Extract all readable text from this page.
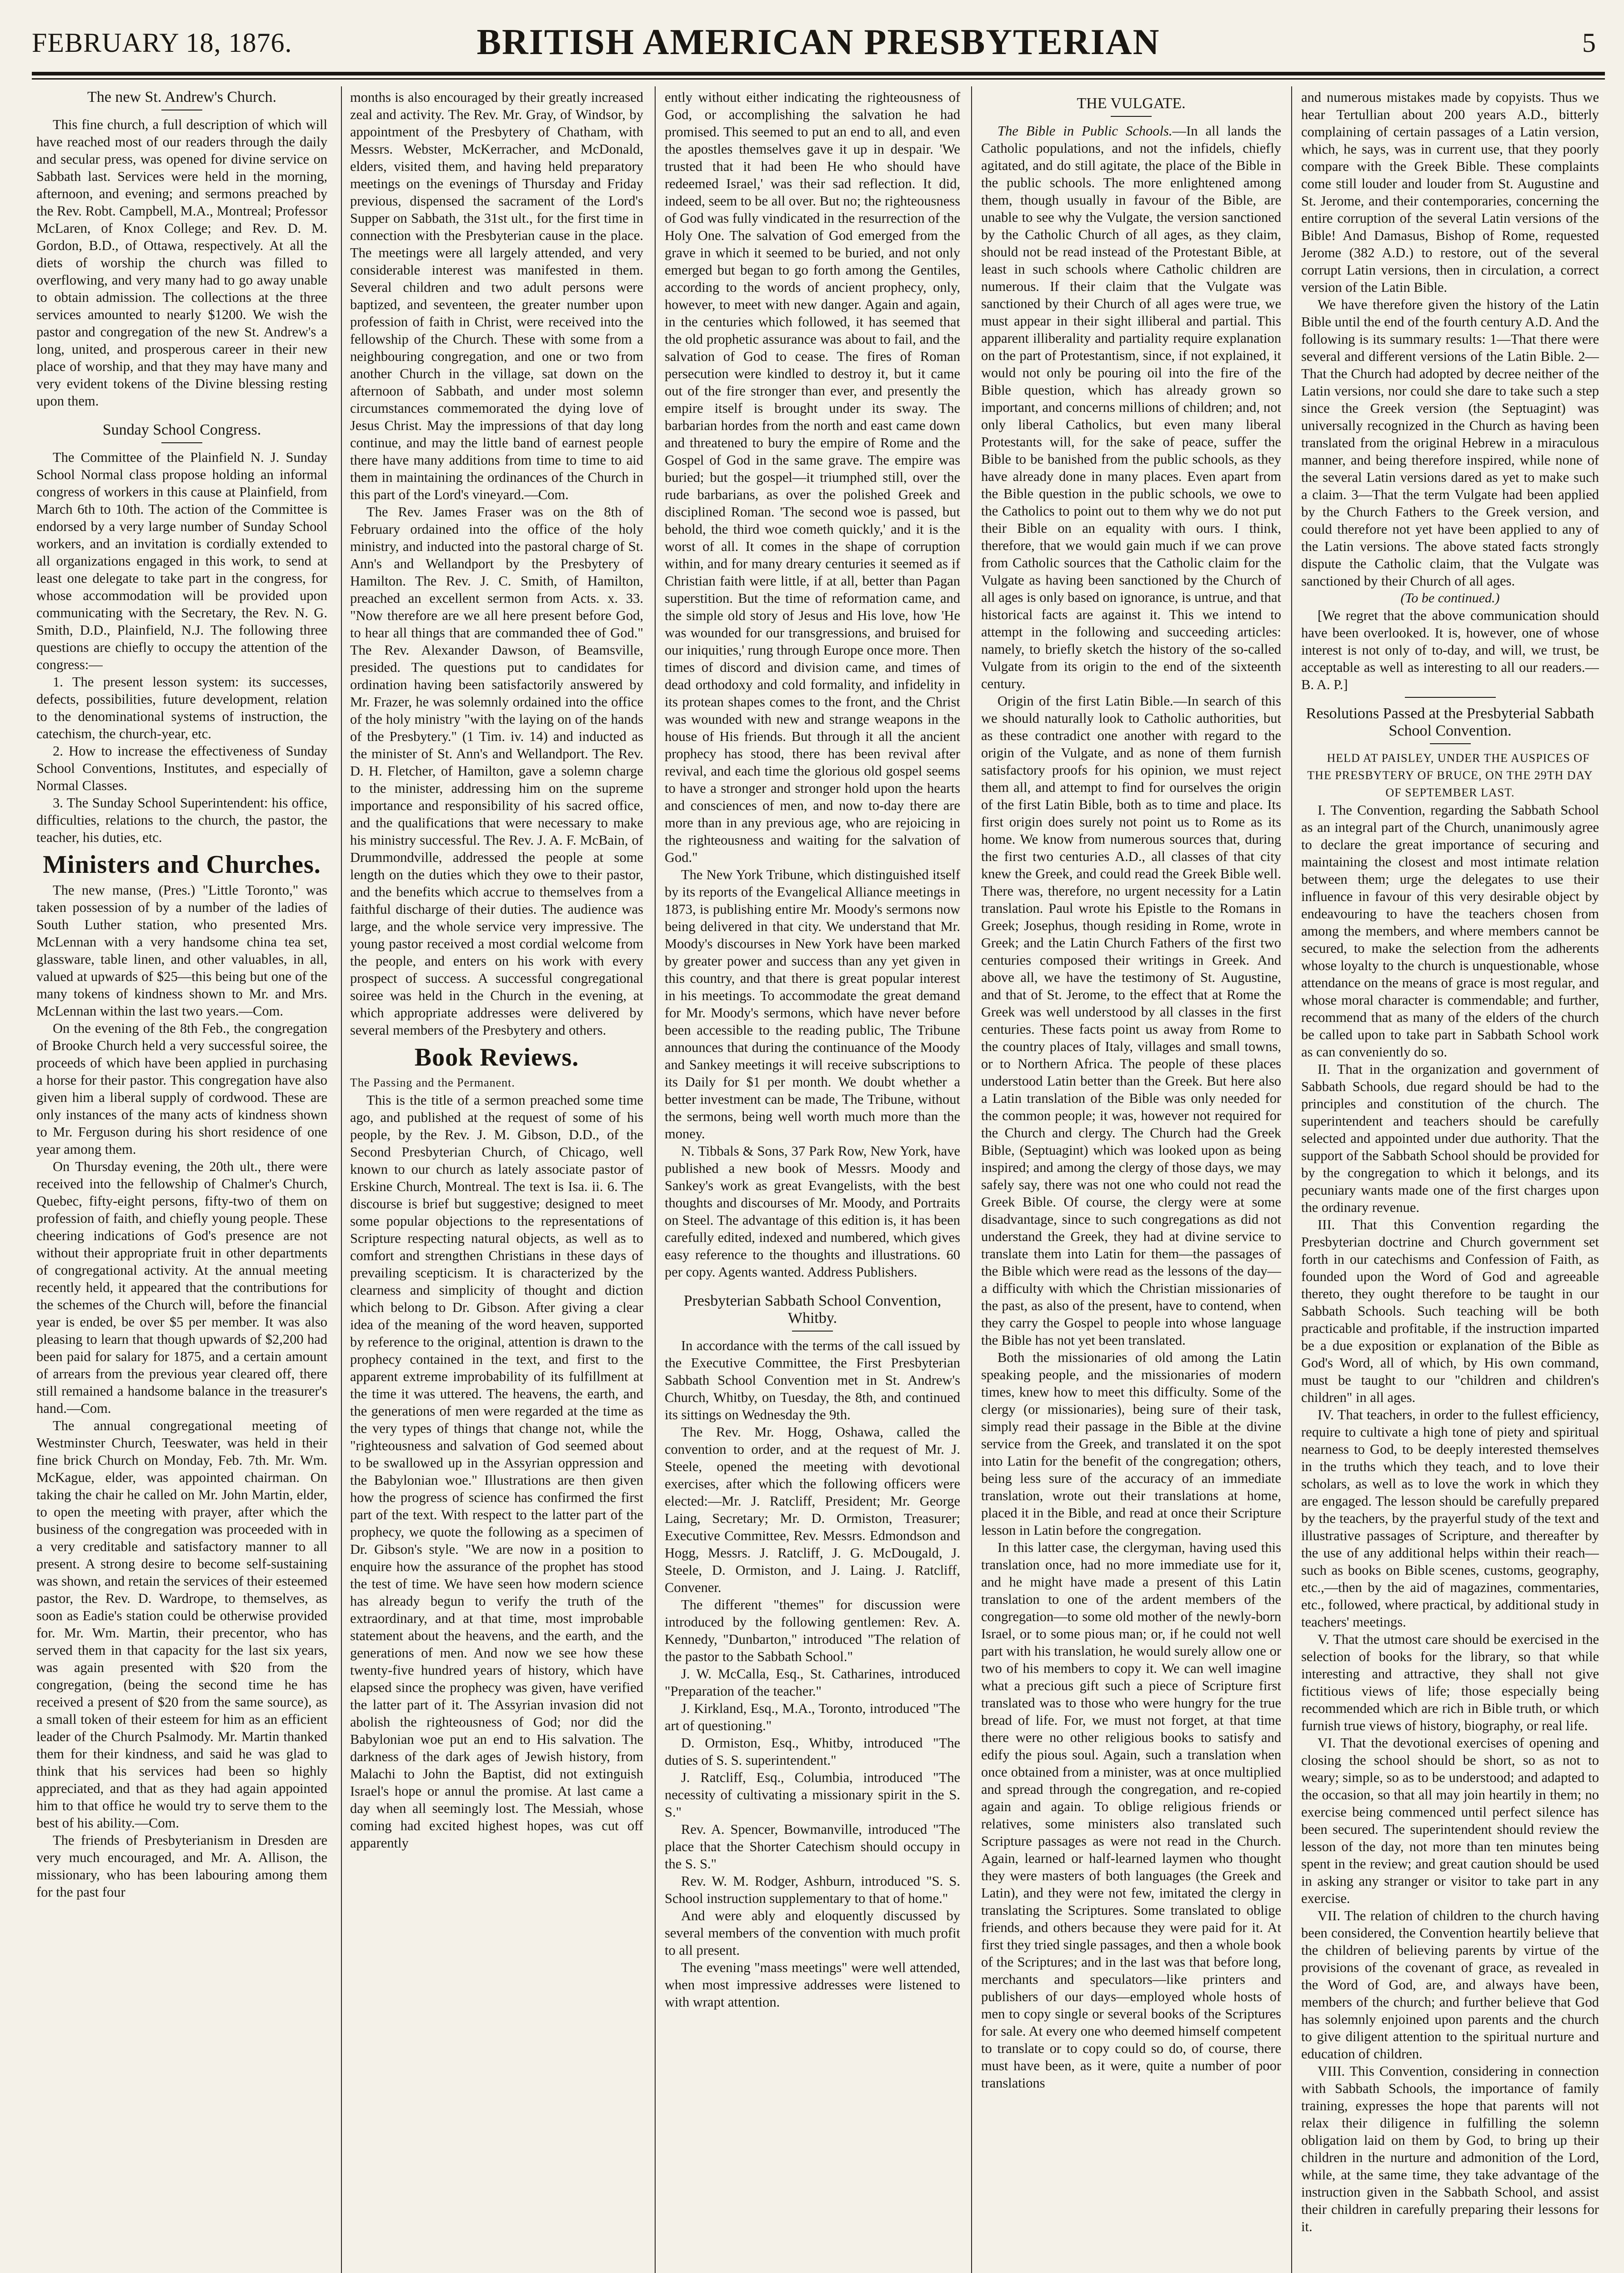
FEBRUARY 18, 1876.	BRITISH AMERICAN PRESBYTERIAN	5

The new St. Andrew's Church.

This fine church, a full description of which will have reached most of our readers through the daily and secular press, was opened for divine service on Sabbath last. Services were held in the morning, afternoon, and evening; and sermons preached by the Rev. Robt. Campbell, M.A., Montreal; Professor McLaren, of Knox College; and Rev. D. M. Gordon, B.D., of Ottawa, respectively. At all the diets of worship the church was filled to overflowing, and very many had to go away unable to obtain admission. The collections at the three services amounted to nearly $1200. We wish the pastor and congregation of the new St. Andrew's a long, united, and prosperous career in their new place of worship, and that they may have many and very evident tokens of the Divine blessing resting upon them.

Sunday School Congress.

The Committee of the Plainfield N. J. Sunday School Normal class propose holding an informal congress of workers in this cause at Plainfield, from March 6th to 10th. The action of the Committee is endorsed by a very large number of Sunday School workers, and an invitation is cordially extended to all organizations engaged in this work, to send at least one delegate to take part in the congress, for whose accommodation will be provided upon communicating with the Secretary, the Rev. N. G. Smith, D.D., Plainfield, N.J. The following three questions are chiefly to occupy the attention of the congress:—

1. The present lesson system: its successes, defects, possibilities, future development, relation to the denominational systems of instruction, the catechism, the church-year, etc.

2. How to increase the effectiveness of Sunday School Conventions, Institutes, and especially of Normal Classes.

3. The Sunday School Superintendent: his office, difficulties, relations to the church, the pastor, the teacher, his duties, etc.

Ministers and Churches.

The new manse, (Pres.) "Little Toronto," was taken possession of by a number of the ladies of South Luther station, who presented Mrs. McLennan with a very handsome china tea set, glassware, table linen, and other valuables, in all, valued at upwards of $25—this being but one of the many tokens of kindness shown to Mr. and Mrs. McLennan within the last two years.—Com.

On the evening of the 8th Feb., the congregation of Brooke Church held a very successful soiree, the proceeds of which have been applied in purchasing a horse for their pastor. This congregation have also given him a liberal supply of cordwood. These are only instances of the many acts of kindness shown to Mr. Ferguson during his short residence of one year among them.

On Thursday evening, the 20th ult., there were received into the fellowship of Chalmer's Church, Quebec, fifty-eight persons, fifty-two of them on profession of faith, and chiefly young people. These cheering indications of God's presence are not without their appropriate fruit in other departments of congregational activity. At the annual meeting recently held, it appeared that the contributions for the schemes of the Church will, before the financial year is ended, be over $5 per member. It was also pleasing to learn that though upwards of $2,200 had been paid for salary for 1875, and a certain amount of arrears from the previous year cleared off, there still remained a handsome balance in the treasurer's hand.—Com.

The annual congregational meeting of Westminster Church, Teeswater, was held in their fine brick Church on Monday, Feb. 7th. Mr. Wm. McKague, elder, was appointed chairman. On taking the chair he called on Mr. John Martin, elder, to open the meeting with prayer, after which the business of the congregation was proceeded with in a very creditable and satisfactory manner to all present. A strong desire to become self-sustaining was shown, and retain the services of their esteemed pastor, the Rev. D. Wardrope, to themselves, as soon as Eadie's station could be otherwise provided for. Mr. Wm. Martin, their precentor, who has served them in that capacity for the last six years, was again presented with $20 from the congregation, (being the second time he has received a present of $20 from the same source), as a small token of their esteem for him as an efficient leader of the Church Psalmody. Mr. Martin thanked them for their kindness, and said he was glad to think that his services had been so highly appreciated, and that as they had again appointed him to that office he would try to serve them to the best of his ability.—Com.

The friends of Presbyterianism in Dresden are very much encouraged, and Mr. A. Allison, the missionary, who has been labouring among them for the past four

months is also encouraged by their greatly increased zeal and activity. The Rev. Mr. Gray, of Windsor, by appointment of the Presbytery of Chatham, with Messrs. Webster, McKerracher, and McDonald, elders, visited them, and having held preparatory meetings on the evenings of Thursday and Friday previous, dispensed the sacrament of the Lord's Supper on Sabbath, the 31st ult., for the first time in connection with the Presbyterian cause in the place. The meetings were all largely attended, and very considerable interest was manifested in them. Several children and two adult persons were baptized, and seventeen, the greater number upon profession of faith in Christ, were received into the fellowship of the Church. These with some from a neighbouring congregation, and one or two from another Church in the village, sat down on the afternoon of Sabbath, and under most solemn circumstances commemorated the dying love of Jesus Christ. May the impressions of that day long continue, and may the little band of earnest people there have many additions from time to time to aid them in maintaining the ordinances of the Church in this part of the Lord's vineyard.—Com.

The Rev. James Fraser was on the 8th of February ordained into the office of the holy ministry, and inducted into the pastoral charge of St. Ann's and Wellandport by the Presbytery of Hamilton. The Rev. J. C. Smith, of Hamilton, preached an excellent sermon from Acts. x. 33. "Now therefore are we all here present before God, to hear all things that are commanded thee of God." The Rev. Alexander Dawson, of Beamsville, presided. The questions put to candidates for ordination having been satisfactorily answered by Mr. Frazer, he was solemnly ordained into the office of the holy ministry "with the laying on of the hands of the Presbytery." (1 Tim. iv. 14) and inducted as the minister of St. Ann's and Wellandport. The Rev. D. H. Fletcher, of Hamilton, gave a solemn charge to the minister, addressing him on the supreme importance and responsibility of his sacred office, and the qualifications that were necessary to make his ministry successful. The Rev. J. A. F. McBain, of Drummondville, addressed the people at some length on the duties which they owe to their pastor, and the benefits which accrue to themselves from a faithful discharge of their duties. The audience was large, and the whole service very impressive. The young pastor received a most cordial welcome from the people, and enters on his work with every prospect of success. A successful congregational soiree was held in the Church in the evening, at which appropriate addresses were delivered by several members of the Presbytery and others.

Book Reviews.

The Passing and the Permanent.

This is the title of a sermon preached some time ago, and published at the request of some of his people, by the Rev. J. M. Gibson, D.D., of the Second Presbyterian Church, of Chicago, well known to our church as lately associate pastor of Erskine Church, Montreal. The text is Isa. ii. 6. The discourse is brief but suggestive; designed to meet some popular objections to the representations of Scripture respecting natural objects, as well as to comfort and strengthen Christians in these days of prevailing scepticism. It is characterized by the clearness and simplicity of thought and diction which belong to Dr. Gibson. After giving a clear idea of the meaning of the word heaven, supported by reference to the original, attention is drawn to the prophecy contained in the text, and first to the apparent extreme improbability of its fulfillment at the time it was uttered. The heavens, the earth, and the generations of men were regarded at the time as the very types of things that change not, while the "righteousness and salvation of God seemed about to be swallowed up in the Assyrian oppression and the Babylonian woe." Illustrations are then given how the progress of science has confirmed the first part of the text. With respect to the latter part of the prophecy, we quote the following as a specimen of Dr. Gibson's style. "We are now in a position to enquire how the assurance of the prophet has stood the test of time. We have seen how modern science has already begun to verify the truth of the extraordinary, and at that time, most improbable statement about the heavens, and the earth, and the generations of men. And now we see how these twenty-five hundred years of history, which have elapsed since the prophecy was given, have verified the latter part of it. The Assyrian invasion did not abolish the righteousness of God; nor did the Babylonian woe put an end to His salvation. The darkness of the dark ages of Jewish history, from Malachi to John the Baptist, did not extinguish Israel's hope or annul the promise. At last came a day when all seemingly lost. The Messiah, whose coming had excited highest hopes, was cut off apparently

ently without either indicating the righteousness of God, or accomplishing the salvation he had promised. This seemed to put an end to all, and even the apostles themselves gave it up in despair. 'We trusted that it had been He who should have redeemed Israel,' was their sad reflection. It did, indeed, seem to be all over. But no; the righteousness of God was fully vindicated in the resurrection of the Holy One. The salvation of God emerged from the grave in which it seemed to be buried, and not only emerged but began to go forth among the Gentiles, according to the words of ancient prophecy, only, however, to meet with new danger. Again and again, in the centuries which followed, it has seemed that the old prophetic assurance was about to fail, and the salvation of God to cease. The fires of Roman persecution were kindled to destroy it, but it came out of the fire stronger than ever, and presently the empire itself is brought under its sway. The barbarian hordes from the north and east came down and threatened to bury the empire of Rome and the Gospel of God in the same grave. The empire was buried; but the gospel—it triumphed still, over the rude barbarians, as over the polished Greek and disciplined Roman. 'The second woe is passed, but behold, the third woe cometh quickly,' and it is the worst of all. It comes in the shape of corruption within, and for many dreary centuries it seemed as if Christian faith were little, if at all, better than Pagan superstition. But the time of reformation came, and the simple old story of Jesus and His love, how 'He was wounded for our transgressions, and bruised for our iniquities,' rung through Europe once more. Then times of discord and division came, and times of dead orthodoxy and cold formality, and infidelity in its protean shapes comes to the front, and the Christ was wounded with new and strange weapons in the house of His friends. But through it all the ancient prophecy has stood, there has been revival after revival, and each time the glorious old gospel seems to have a stronger and stronger hold upon the hearts and consciences of men, and now to-day there are more than in any previous age, who are rejoicing in the righteousness and waiting for the salvation of God."

The New York Tribune, which distinguished itself by its reports of the Evangelical Alliance meetings in 1873, is publishing entire Mr. Moody's sermons now being delivered in that city. We understand that Mr. Moody's discourses in New York have been marked by greater power and success than any yet given in this country, and that there is great popular interest in his meetings. To accommodate the great demand for Mr. Moody's sermons, which have never before been accessible to the reading public, The Tribune announces that during the continuance of the Moody and Sankey meetings it will receive subscriptions to its Daily for $1 per month. We doubt whether a better investment can be made, The Tribune, without the sermons, being well worth much more than the money.

N. Tibbals & Sons, 37 Park Row, New York, have published a new book of Messrs. Moody and Sankey's work as great Evangelists, with the best thoughts and discourses of Mr. Moody, and Portraits on Steel. The advantage of this edition is, it has been carefully edited, indexed and numbered, which gives easy reference to the thoughts and illustrations. 60 per copy. Agents wanted. Address Publishers.

Presbyterian Sabbath School Convention, Whitby.

In accordance with the terms of the call issued by the Executive Committee, the First Presbyterian Sabbath School Convention met in St. Andrew's Church, Whitby, on Tuesday, the 8th, and continued its sittings on Wednesday the 9th.

The Rev. Mr. Hogg, Oshawa, called the convention to order, and at the request of Mr. J. Steele, opened the meeting with devotional exercises, after which the following officers were elected:—Mr. J. Ratcliff, President; Mr. George Laing, Secretary; Mr. D. Ormiston, Treasurer; Executive Committee, Rev. Messrs. Edmondson and Hogg, Messrs. J. Ratcliff, J. G. McDougald, J. Steele, D. Ormiston, and J. Laing. J. Ratcliff, Convener.

The different "themes" for discussion were introduced by the following gentlemen: Rev. A. Kennedy, "Dunbarton," introduced "The relation of the pastor to the Sabbath School."

J. W. McCalla, Esq., St. Catharines, introduced "Preparation of the teacher."

J. Kirkland, Esq., M.A., Toronto, introduced "The art of questioning."

D. Ormiston, Esq., Whitby, introduced "The duties of S. S. superintendent."

J. Ratcliff, Esq., Columbia, introduced "The necessity of cultivating a missionary spirit in the S. S."

Rev. A. Spencer, Bowmanville, introduced "The place that the Shorter Catechism should occupy in the S. S."

Rev. W. M. Rodger, Ashburn, introduced "S. S. School instruction supplementary to that of home."

And were ably and eloquently discussed by several members of the convention with much profit to all present.

The evening "mass meetings" were well attended, when most impressive addresses were listened to with wrapt attention.

THE VULGATE.

The Bible in Public Schools.—In all lands the Catholic populations, and not the infidels, chiefly agitated, and do still agitate, the place of the Bible in the public schools. The more enlightened among them, though usually in favour of the Bible, are unable to see why the Vulgate, the version sanctioned by the Catholic Church of all ages, as they claim, should not be read instead of the Protestant Bible, at least in such schools where Catholic children are numerous. If their claim that the Vulgate was sanctioned by their Church of all ages were true, we must appear in their sight illiberal and partial. This apparent illiberality and partiality require explanation on the part of Protestantism, since, if not explained, it would not only be pouring oil into the fire of the Bible question, which has already grown so important, and concerns millions of children; and, not only liberal Catholics, but even many liberal Protestants will, for the sake of peace, suffer the Bible to be banished from the public schools, as they have already done in many places. Even apart from the Bible question in the public schools, we owe to the Catholics to point out to them why we do not put their Bible on an equality with ours. I think, therefore, that we would gain much if we can prove from Catholic sources that the Catholic claim for the Vulgate as having been sanctioned by the Church of all ages is only based on ignorance, is untrue, and that historical facts are against it. This we intend to attempt in the following and succeeding articles: namely, to briefly sketch the history of the so-called Vulgate from its origin to the end of the sixteenth century.

Origin of the first Latin Bible.—In search of this we should naturally look to Catholic authorities, but as these contradict one another with regard to the origin of the Vulgate, and as none of them furnish satisfactory proofs for his opinion, we must reject them all, and attempt to find for ourselves the origin of the first Latin Bible, both as to time and place. Its first origin does surely not point us to Rome as its home. We know from numerous sources that, during the first two centuries A.D., all classes of that city knew the Greek, and could read the Greek Bible well. There was, therefore, no urgent necessity for a Latin translation. Paul wrote his Epistle to the Romans in Greek; Josephus, though residing in Rome, wrote in Greek; and the Latin Church Fathers of the first two centuries composed their writings in Greek. And above all, we have the testimony of St. Augustine, and that of St. Jerome, to the effect that at Rome the Greek was well understood by all classes in the first centuries. These facts point us away from Rome to the country places of Italy, villages and small towns, or to Northern Africa. The people of these places understood Latin better than the Greek. But here also a Latin translation of the Bible was only needed for the common people; it was, however not required for the Church and clergy. The Church had the Greek Bible, (Septuagint) which was looked upon as being inspired; and among the clergy of those days, we may safely say, there was not one who could not read the Greek Bible. Of course, the clergy were at some disadvantage, since to such congregations as did not understand the Greek, they had at divine service to translate them into Latin for them—the passages of the Bible which were read as the lessons of the day—a difficulty with which the Christian missionaries of the past, as also of the present, have to contend, when they carry the Gospel to people into whose language the Bible has not yet been translated.

Both the missionaries of old among the Latin speaking people, and the missionaries of modern times, knew how to meet this difficulty. Some of the clergy (or missionaries), being sure of their task, simply read their passage in the Bible at the divine service from the Greek, and translated it on the spot into Latin for the benefit of the congregation; others, being less sure of the accuracy of an immediate translation, wrote out their translations at home, placed it in the Bible, and read at once their Scripture lesson in Latin before the congregation.

In this latter case, the clergyman, having used this translation once, had no more immediate use for it, and he might have made a present of this Latin translation to one of the ardent members of the congregation—to some old mother of the newly-born Israel, or to some pious man; or, if he could not well part with his translation, he would surely allow one or two of his members to copy it. We can well imagine what a precious gift such a piece of Scripture first translated was to those who were hungry for the true bread of life. For, we must not forget, at that time there were no other religious books to satisfy and edify the pious soul. Again, such a translation when once obtained from a minister, was at once multiplied and spread through the congregation, and re-copied again and again. To oblige religious friends or relatives, some ministers also translated such Scripture passages as were not read in the Church. Again, learned or half-learned laymen who thought they were masters of both languages (the Greek and Latin), and they were not few, imitated the clergy in translating the Scriptures. Some translated to oblige friends, and others because they were paid for it. At first they tried single passages, and then a whole book of the Scriptures; and in the last was that before long, merchants and speculators—like printers and publishers of our days—employed whole hosts of men to copy single or several books of the Scriptures for sale. At every one who deemed himself competent to translate or to copy could so do, of course, there must have been, as it were, quite a number of poor translations

and numerous mistakes made by copyists. Thus we hear Tertullian about 200 years A.D., bitterly complaining of certain passages of a Latin version, which, he says, was in current use, that they poorly compare with the Greek Bible. These complaints come still louder and louder from St. Augustine and St. Jerome, and their contemporaries, concerning the entire corruption of the several Latin versions of the Bible! And Damasus, Bishop of Rome, requested Jerome (382 A.D.) to restore, out of the several corrupt Latin versions, then in circulation, a correct version of the Latin Bible.

We have therefore given the history of the Latin Bible until the end of the fourth century A.D. And the following is its summary results: 1—That there were several and different versions of the Latin Bible. 2—That the Church had adopted by decree neither of the Latin versions, nor could she dare to take such a step since the Greek version (the Septuagint) was universally recognized in the Church as having been translated from the original Hebrew in a miraculous manner, and being therefore inspired, while none of the several Latin versions dared as yet to make such a claim. 3—That the term Vulgate had been applied by the Church Fathers to the Greek version, and could therefore not yet have been applied to any of the Latin versions. The above stated facts strongly dispute the Catholic claim, that the Vulgate was sanctioned by their Church of all ages.

(To be continued.)

[We regret that the above communication should have been overlooked. It is, however, one of whose interest is not only of to-day, and will, we trust, be acceptable as well as interesting to all our readers.—B. A. P.]

Resolutions Passed at the Presbyterial Sabbath School Convention.

HELD AT PAISLEY, UNDER THE AUSPICES OF THE PRESBYTERY OF BRUCE, ON THE 29TH DAY OF SEPTEMBER LAST.

I. The Convention, regarding the Sabbath School as an integral part of the Church, unanimously agree to declare the great importance of securing and maintaining the closest and most intimate relation between them; urge the delegates to use their influence in favour of this very desirable object by endeavouring to have the teachers chosen from among the members, and where members cannot be secured, to make the selection from the adherents whose loyalty to the church is unquestionable, whose attendance on the means of grace is most regular, and whose moral character is commendable; and further, recommend that as many of the elders of the church be called upon to take part in Sabbath School work as can conveniently do so.

II. That in the organization and government of Sabbath Schools, due regard should be had to the principles and constitution of the church. The superintendent and teachers should be carefully selected and appointed under due authority. That the support of the Sabbath School should be provided for by the congregation to which it belongs, and its pecuniary wants made one of the first charges upon the ordinary revenue.

III. That this Convention regarding the Presbyterian doctrine and Church government set forth in our catechisms and Confession of Faith, as founded upon the Word of God and agreeable thereto, they ought therefore to be taught in our Sabbath Schools. Such teaching will be both practicable and profitable, if the instruction imparted be a due exposition or explanation of the Bible as God's Word, all of which, by His own command, must be taught to our "children and children's children" in all ages.

IV. That teachers, in order to the fullest efficiency, require to cultivate a high tone of piety and spiritual nearness to God, to be deeply interested themselves in the truths which they teach, and to love their scholars, as well as to love the work in which they are engaged. The lesson should be carefully prepared by the teachers, by the prayerful study of the text and illustrative passages of Scripture, and thereafter by the use of any additional helps within their reach—such as books on Bible scenes, customs, geography, etc.,—then by the aid of magazines, commentaries, etc., followed, where practical, by additional study in teachers' meetings.

V. That the utmost care should be exercised in the selection of books for the library, so that while interesting and attractive, they shall not give fictitious views of life; those especially being recommended which are rich in Bible truth, or which furnish true views of history, biography, or real life.

VI. That the devotional exercises of opening and closing the school should be short, so as not to weary; simple, so as to be understood; and adapted to the occasion, so that all may join heartily in them; no exercise being commenced until perfect silence has been secured. The superintendent should review the lesson of the day, not more than ten minutes being spent in the review; and great caution should be used in asking any stranger or visitor to take part in any exercise.

VII. The relation of children to the church having been considered, the Convention heartily believe that the children of believing parents by virtue of the provisions of the covenant of grace, as revealed in the Word of God, are, and always have been, members of the church; and further believe that God has solemnly enjoined upon parents and the church to give diligent attention to the spiritual nurture and education of children.

VIII. This Convention, considering in connection with Sabbath Schools, the importance of family training, expresses the hope that parents will not relax their diligence in fulfilling the solemn obligation laid on them by God, to bring up their children in the nurture and admonition of the Lord, while, at the same time, they take advantage of the instruction given in the Sabbath School, and assist their children in carefully preparing their lessons for it.
